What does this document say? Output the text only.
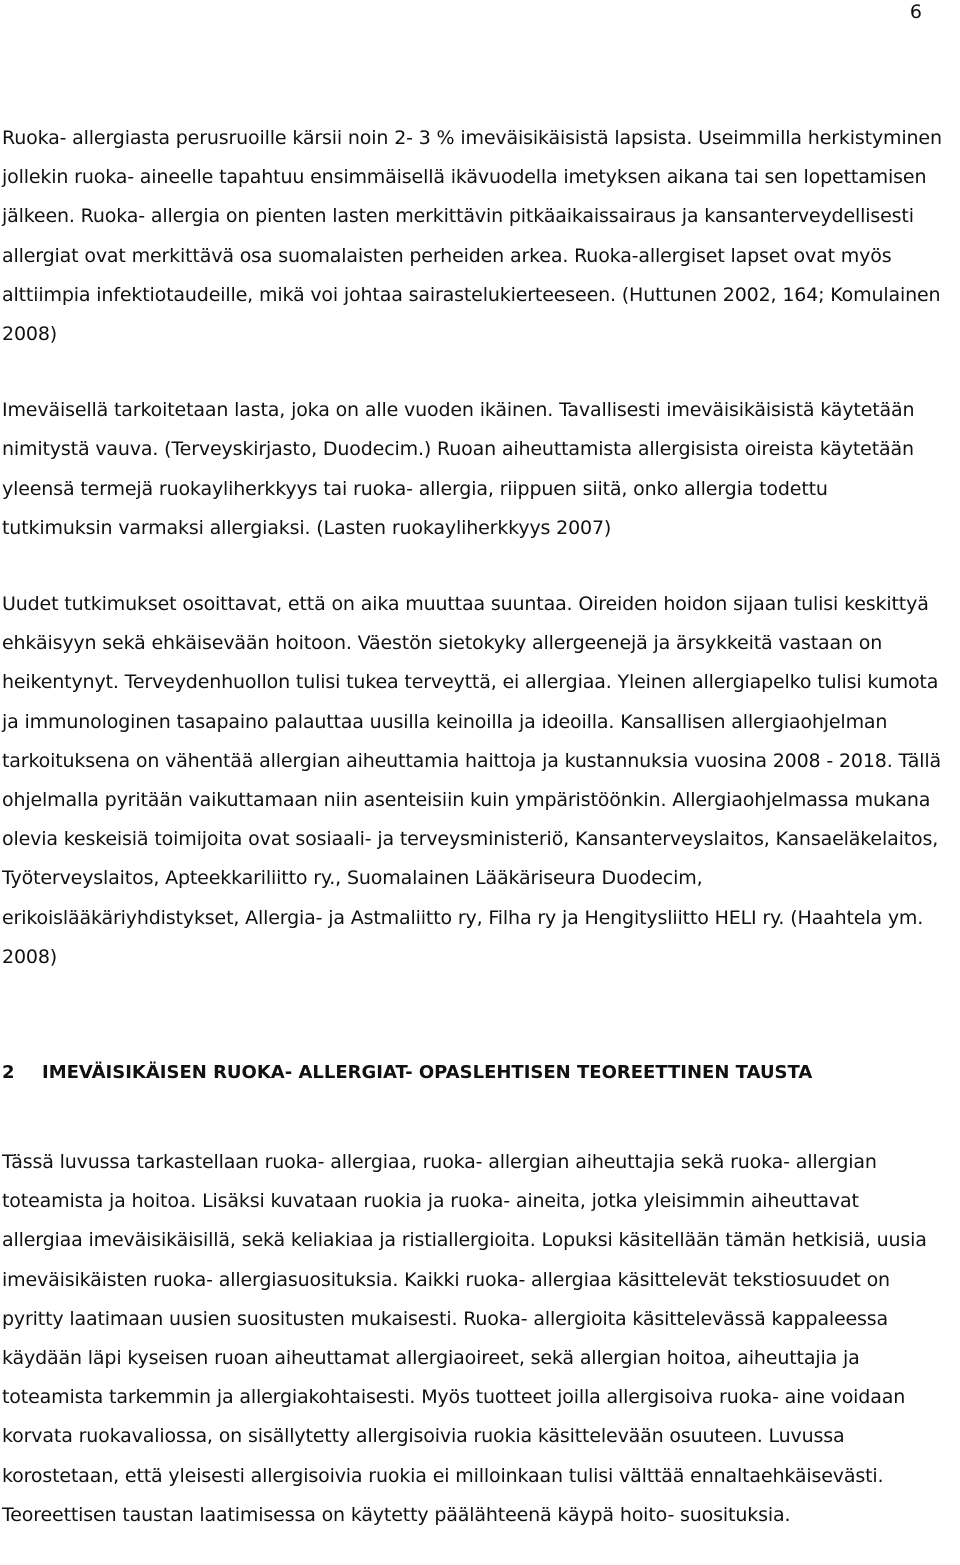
6

Ruoka- allergiasta perusruoille kärsii noin 2- 3 % imeväisikäisistä lapsista. Useimmilla herkistyminen jollekin ruoka- aineelle tapahtuu ensimmäisellä ikävuodella imetyksen aikana tai sen lopettamisen jälkeen. Ruoka- allergia on pienten lasten merkittävin pitkäaikaissairaus ja kansanterveydellisesti allergiat ovat merkittävä osa suomalaisten perheiden arkea. Ruoka-allergiset lapset ovat myös alttiimpia infektiotaudeille, mikä voi johtaa sairastelukierteeseen. (Huttunen 2002, 164; Komulainen 2008)

Imeväisellä tarkoitetaan lasta, joka on alle vuoden ikäinen. Tavallisesti imeväisikäisistä käytetään nimitystä vauva. (Terveyskirjasto, Duodecim.) Ruoan aiheuttamista allergisista oireista käytetään yleensä termejä ruokayliherkkyys tai ruoka- allergia, riippuen siitä, onko allergia todettu tutkimuksin varmaksi allergiaksi. (Lasten ruokayliherkkyys 2007)

Uudet tutkimukset osoittavat, että on aika muuttaa suuntaa. Oireiden hoidon sijaan tulisi keskittyä ehkäisyyn sekä ehkäisevään hoitoon. Väestön sietokyky allergeenejä ja ärsykkeitä vastaan on heikentynyt. Terveydenhuollon tulisi tukea terveyttä, ei allergiaa. Yleinen allergiapelko tulisi kumota ja immunologinen tasapaino palauttaa uusilla keinoilla ja ideoilla. Kansallisen allergiaohjelman tarkoituksena on vähentää allergian aiheuttamia haittoja ja kustannuksia vuosina 2008 - 2018. Tällä ohjelmalla pyritään vaikuttamaan niin asenteisiin kuin ympäristöönkin. Allergiaohjelmassa mukana olevia keskeisiä toimijoita ovat sosiaali- ja terveysministeriö, Kansanterveyslaitos, Kansaeläkelaitos, Työterveyslaitos, Apteekkariliitto ry., Suomalainen Lääkäriseura Duodecim, erikoislääkäriyhdistykset, Allergia- ja Astmaliitto ry, Filha ry ja Hengitysliitto HELI ry. (Haahtela ym. 2008)

2	IMEVÄISIKÄISEN RUOKA- ALLERGIAT- OPASLEHTISEN TEOREETTINEN TAUSTA

Tässä luvussa tarkastellaan ruoka- allergiaa, ruoka- allergian aiheuttajia sekä ruoka- allergian toteamista ja hoitoa. Lisäksi kuvataan ruokia ja ruoka- aineita, jotka yleisimmin aiheuttavat allergiaa imeväisikäisillä, sekä keliakiaa ja ristiallergioita. Lopuksi käsitellään tämän hetkisiä, uusia imeväisikäisten ruoka- allergiasuosituksia. Kaikki ruoka- allergiaa käsittelevät tekstiosuudet on pyritty laatimaan uusien suositusten mukaisesti. Ruoka- allergioita käsittelevässä kappaleessa käydään läpi kyseisen ruoan aiheuttamat allergiaoireet, sekä allergian hoitoa, aiheuttajia ja toteamista tarkemmin ja allergiakohtaisesti. Myös tuotteet joilla allergisoiva ruoka- aine voidaan korvata ruokavaliossa, on sisällytetty allergisoivia ruokia käsittelevään osuuteen. Luvussa korostetaan, että yleisesti allergisoivia ruokia ei milloinkaan tulisi välttää ennaltaehkäisevästi. Teoreettisen taustan laatimisessa on käytetty päälähteenä käypä hoito- suosituksia.
